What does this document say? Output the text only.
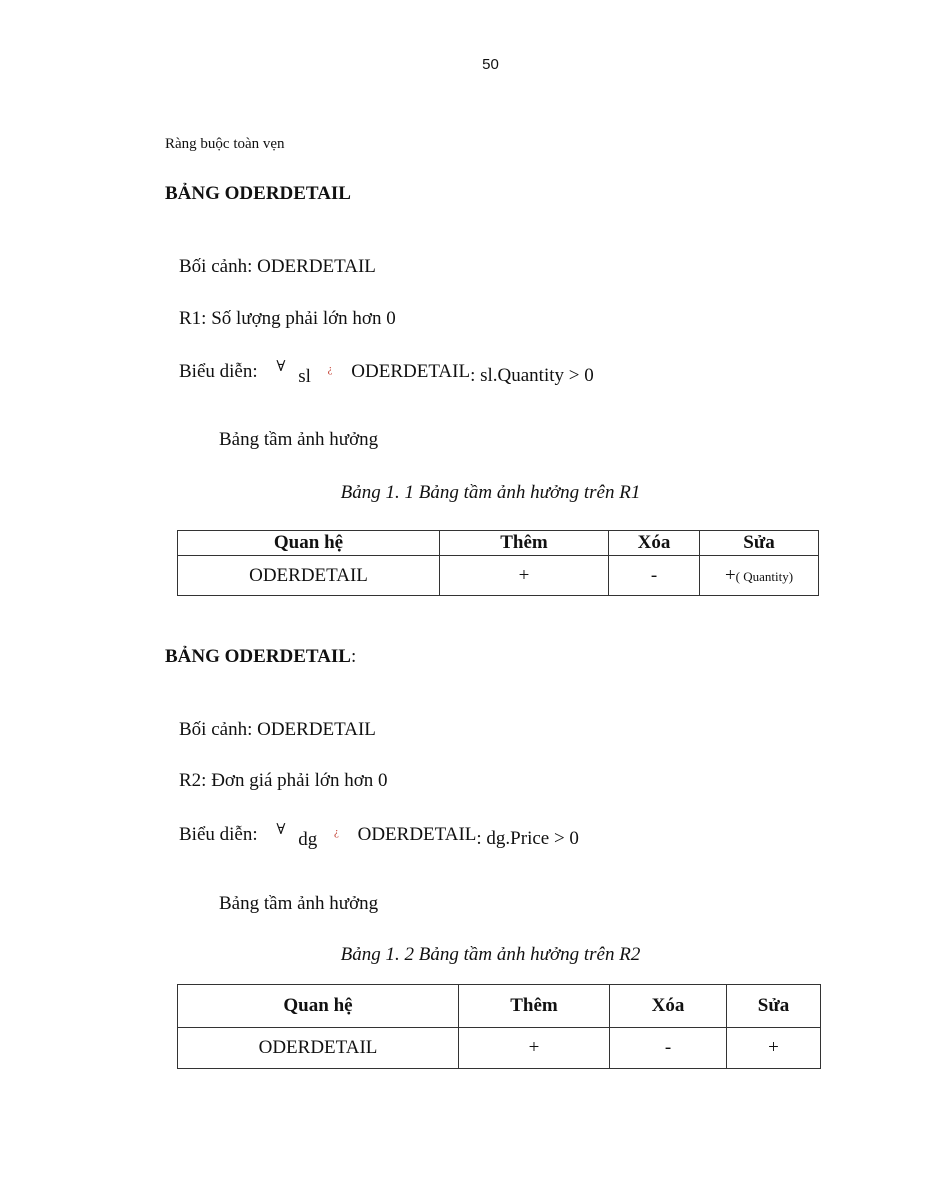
50
Ràng buộc toàn vẹn
BẢNG ODERDETAIL
Bối cảnh: ODERDETAIL
R1: Số lượng phải lớn hơn 0
Biểu diễn: ∀ sl ¿ ODERDETAIL: sl.Quantity > 0
Bảng tầm ảnh hưởng
Bảng 1. 1 Bảng tầm ảnh hưởng trên R1
Quan hệ	Thêm	Xóa	Sửa
ODERDETAIL	+	-	+( Quantity)
BẢNG ODERDETAIL:
Bối cảnh: ODERDETAIL
R2: Đơn giá phải lớn hơn 0
Biểu diễn: ∀ dg ¿ ODERDETAIL: dg.Price > 0
Bảng tầm ảnh hưởng
Bảng 1. 2 Bảng tầm ảnh hưởng trên R2
Quan hệ	Thêm	Xóa	Sửa
ODERDETAIL	+	-	+
